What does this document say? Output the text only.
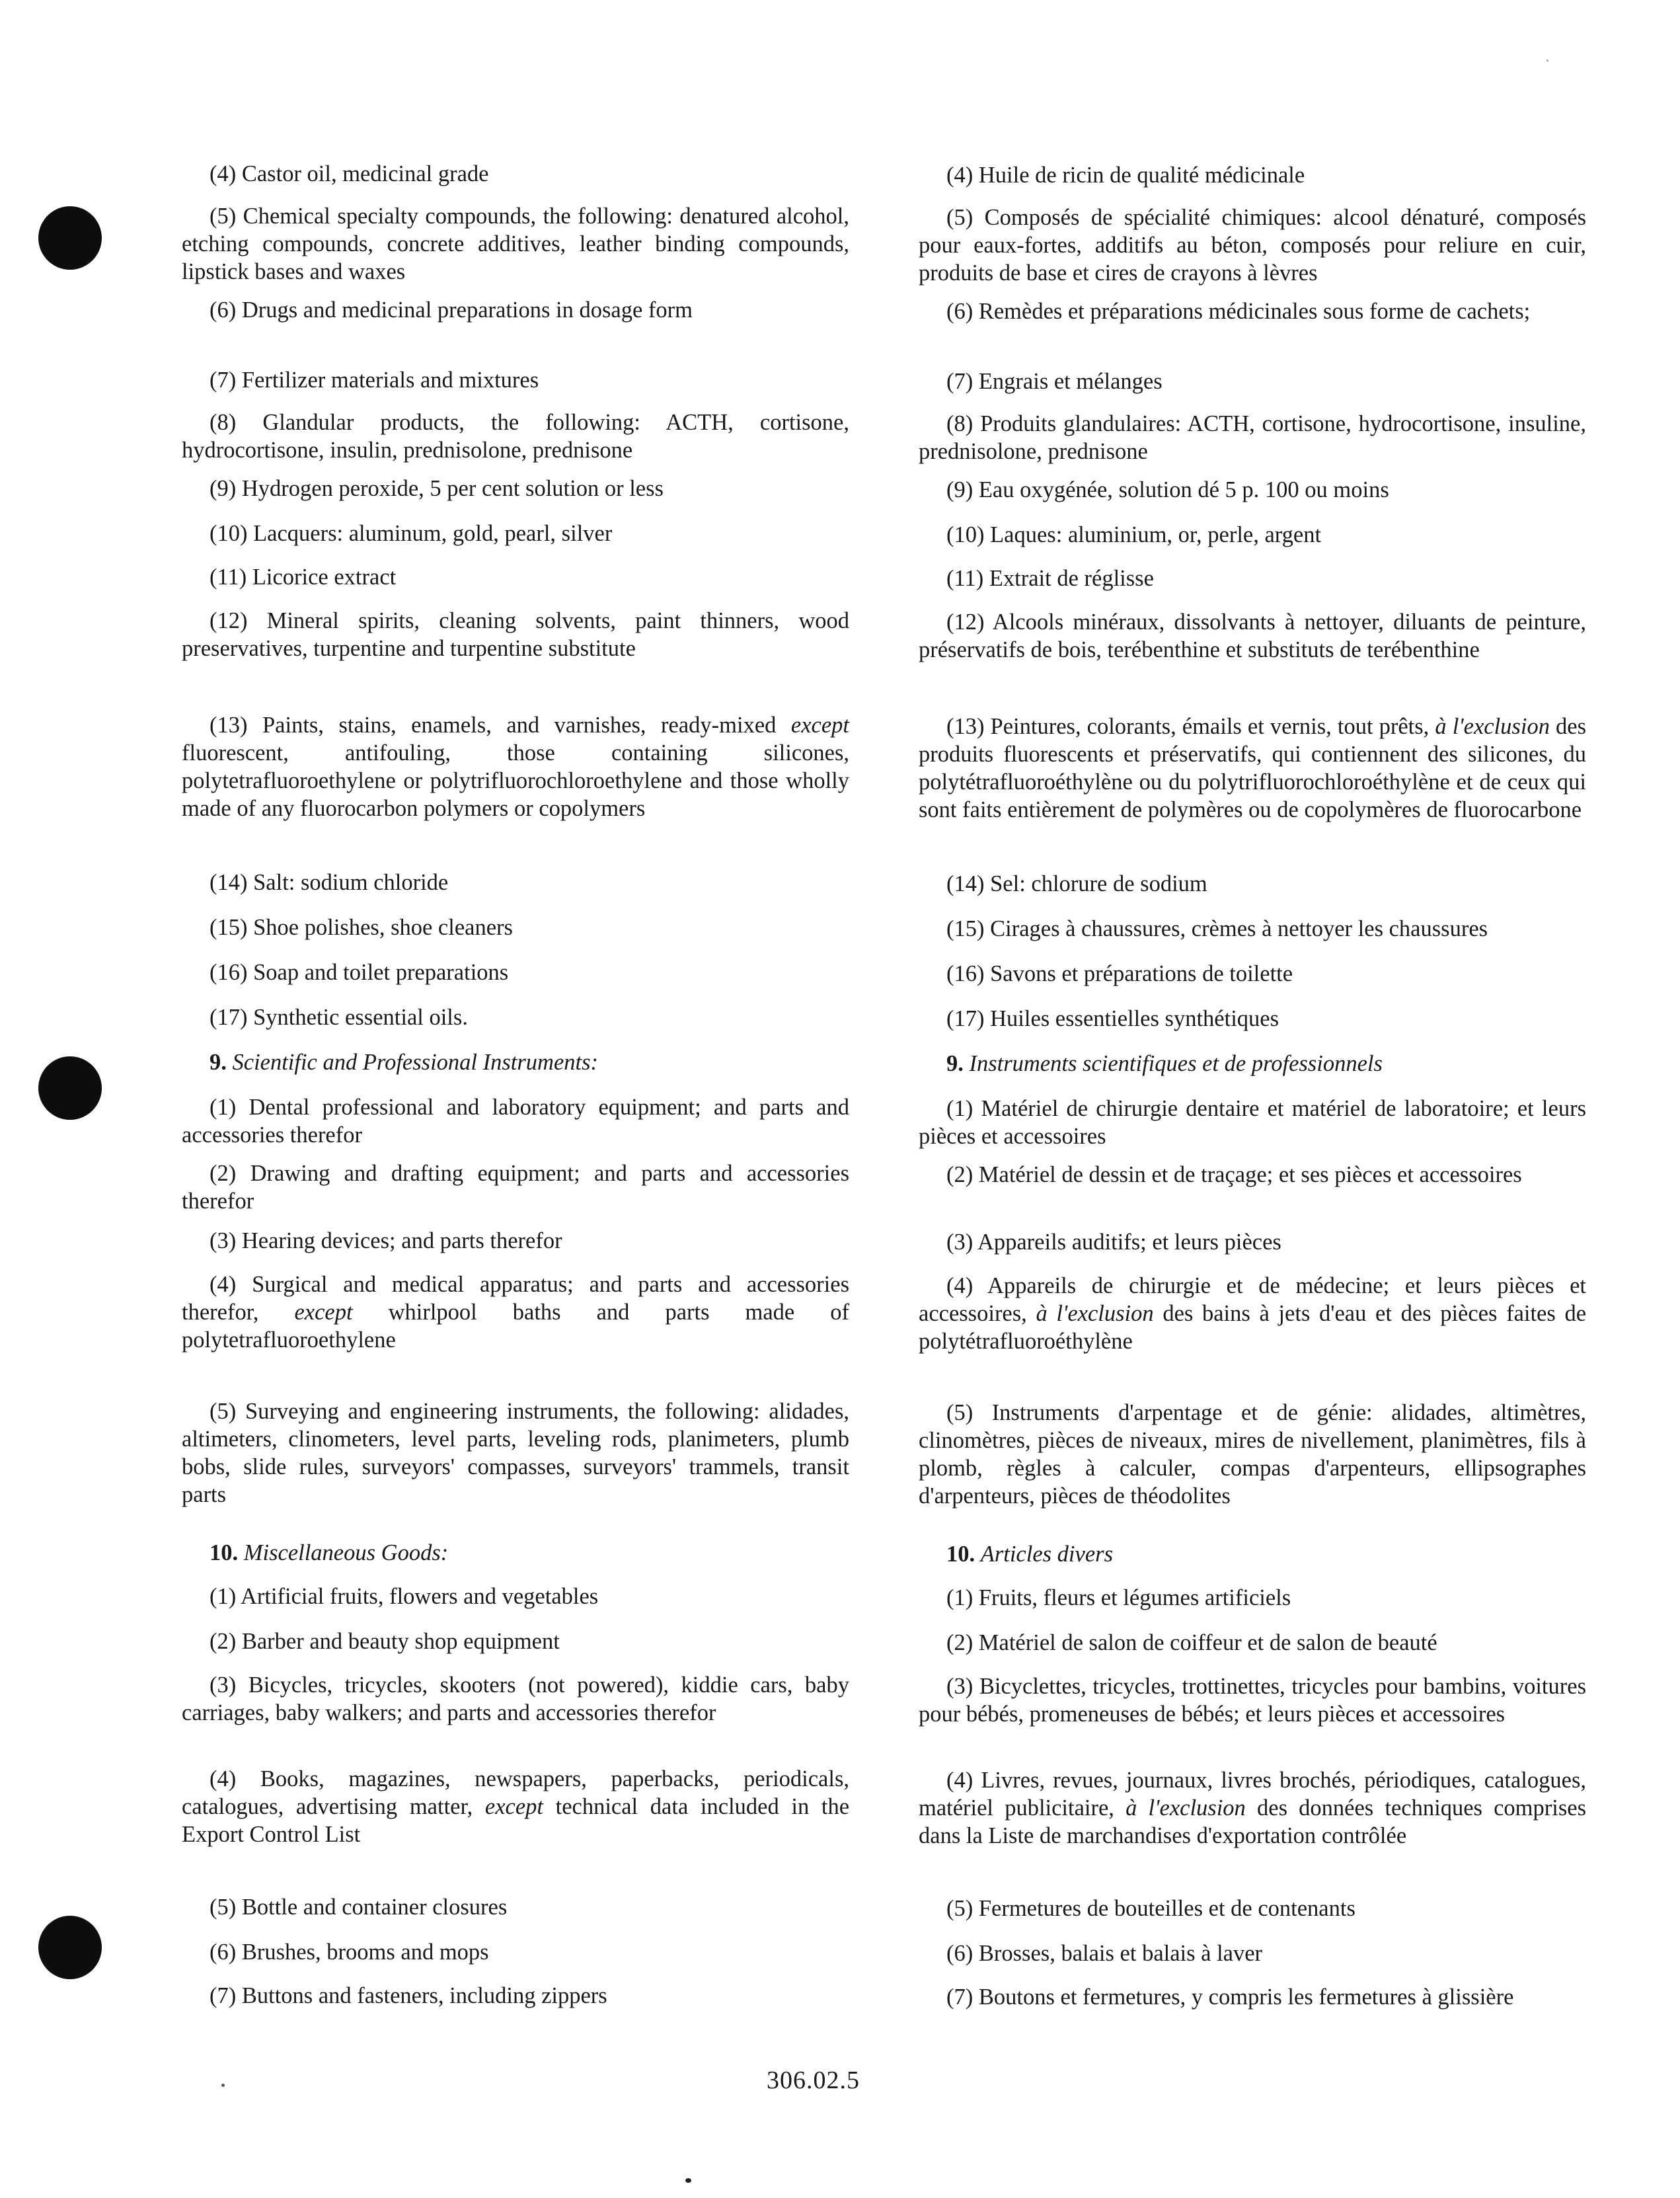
(4) Castor oil, medicinal grade
(5) Chemical specialty compounds, the following: denatured alcohol, etching compounds, concrete additives, leather binding compounds, lipstick bases and waxes
(6) Drugs and medicinal preparations in dosage form
(7) Fertilizer materials and mixtures
(8) Glandular products, the following: ACTH, cortisone, hydrocortisone, insulin, prednisolone, prednisone
(9) Hydrogen peroxide, 5 per cent solution or less
(10) Lacquers: aluminum, gold, pearl, silver
(11) Licorice extract
(12) Mineral spirits, cleaning solvents, paint thinners, wood preservatives, turpentine and turpentine substitute
(13) Paints, stains, enamels, and varnishes, ready-mixed except fluorescent, antifouling, those containing silicones, polytetrafluoroethylene or polytrifluorochloroethylene and those wholly made of any fluorocarbon polymers or copolymers
(14) Salt: sodium chloride
(15) Shoe polishes, shoe cleaners
(16) Soap and toilet preparations
(17) Synthetic essential oils.
9. Scientific and Professional Instruments:
(1) Dental professional and laboratory equipment; and parts and accessories therefor
(2) Drawing and drafting equipment; and parts and accessories therefor
(3) Hearing devices; and parts therefor
(4) Surgical and medical apparatus; and parts and accessories therefor, except whirlpool baths and parts made of polytetrafluoroethylene
(5) Surveying and engineering instruments, the following: alidades, altimeters, clinometers, level parts, leveling rods, planimeters, plumb bobs, slide rules, surveyors' compasses, surveyors' trammels, transit parts
10. Miscellaneous Goods:
(1) Artificial fruits, flowers and vegetables
(2) Barber and beauty shop equipment
(3) Bicycles, tricycles, skooters (not powered), kiddie cars, baby carriages, baby walkers; and parts and accessories therefor
(4) Books, magazines, newspapers, paperbacks, periodicals, catalogues, advertising matter, except technical data included in the Export Control List
(5) Bottle and container closures
(6) Brushes, brooms and mops
(7) Buttons and fasteners, including zippers
(4) Huile de ricin de qualité médicinale
(5) Composés de spécialité chimiques: alcool dénaturé, composés pour eaux-fortes, additifs au béton, composés pour reliure en cuir, produits de base et cires de crayons à lèvres
(6) Remèdes et préparations médicinales sous forme de cachets;
(7) Engrais et mélanges
(8) Produits glandulaires: ACTH, cortisone, hydrocortisone, insuline, prednisolone, prednisone
(9) Eau oxygénée, solution dé 5 p. 100 ou moins
(10) Laques: aluminium, or, perle, argent
(11) Extrait de réglisse
(12) Alcools minéraux, dissolvants à nettoyer, diluants de peinture, préservatifs de bois, terébenthine et substituts de terébenthine
(13) Peintures, colorants, émails et vernis, tout prêts, à l'exclusion des produits fluorescents et préservatifs, qui contiennent des silicones, du polytétrafluoroéthylène ou du polytrifluorochloroéthylène et de ceux qui sont faits entièrement de polymères ou de copolymères de fluorocarbone
(14) Sel: chlorure de sodium
(15) Cirages à chaussures, crèmes à nettoyer les chaussures
(16) Savons et préparations de toilette
(17) Huiles essentielles synthétiques
9. Instruments scientifiques et de professionnels
(1) Matériel de chirurgie dentaire et matériel de laboratoire; et leurs pièces et accessoires
(2) Matériel de dessin et de traçage; et ses pièces et accessoires
(3) Appareils auditifs; et leurs pièces
(4) Appareils de chirurgie et de médecine; et leurs pièces et accessoires, à l'exclusion des bains à jets d'eau et des pièces faites de polytétrafluoroéthylène
(5) Instruments d'arpentage et de génie: alidades, altimètres, clinomètres, pièces de niveaux, mires de nivellement, planimètres, fils à plomb, règles à calculer, compas d'arpenteurs, ellipsographes d'arpenteurs, pièces de théodolites
10. Articles divers
(1) Fruits, fleurs et légumes artificiels
(2) Matériel de salon de coiffeur et de salon de beauté
(3) Bicyclettes, tricycles, trottinettes, tricycles pour bambins, voitures pour bébés, promeneuses de bébés; et leurs pièces et accessoires
(4) Livres, revues, journaux, livres brochés, périodiques, catalogues, matériel publicitaire, à l'exclusion des données techniques comprises dans la Liste de marchandises d'exportation contrôlée
(5) Fermetures de bouteilles et de contenants
(6) Brosses, balais et balais à laver
(7) Boutons et fermetures, y compris les fermetures à glissière
306.02.5
